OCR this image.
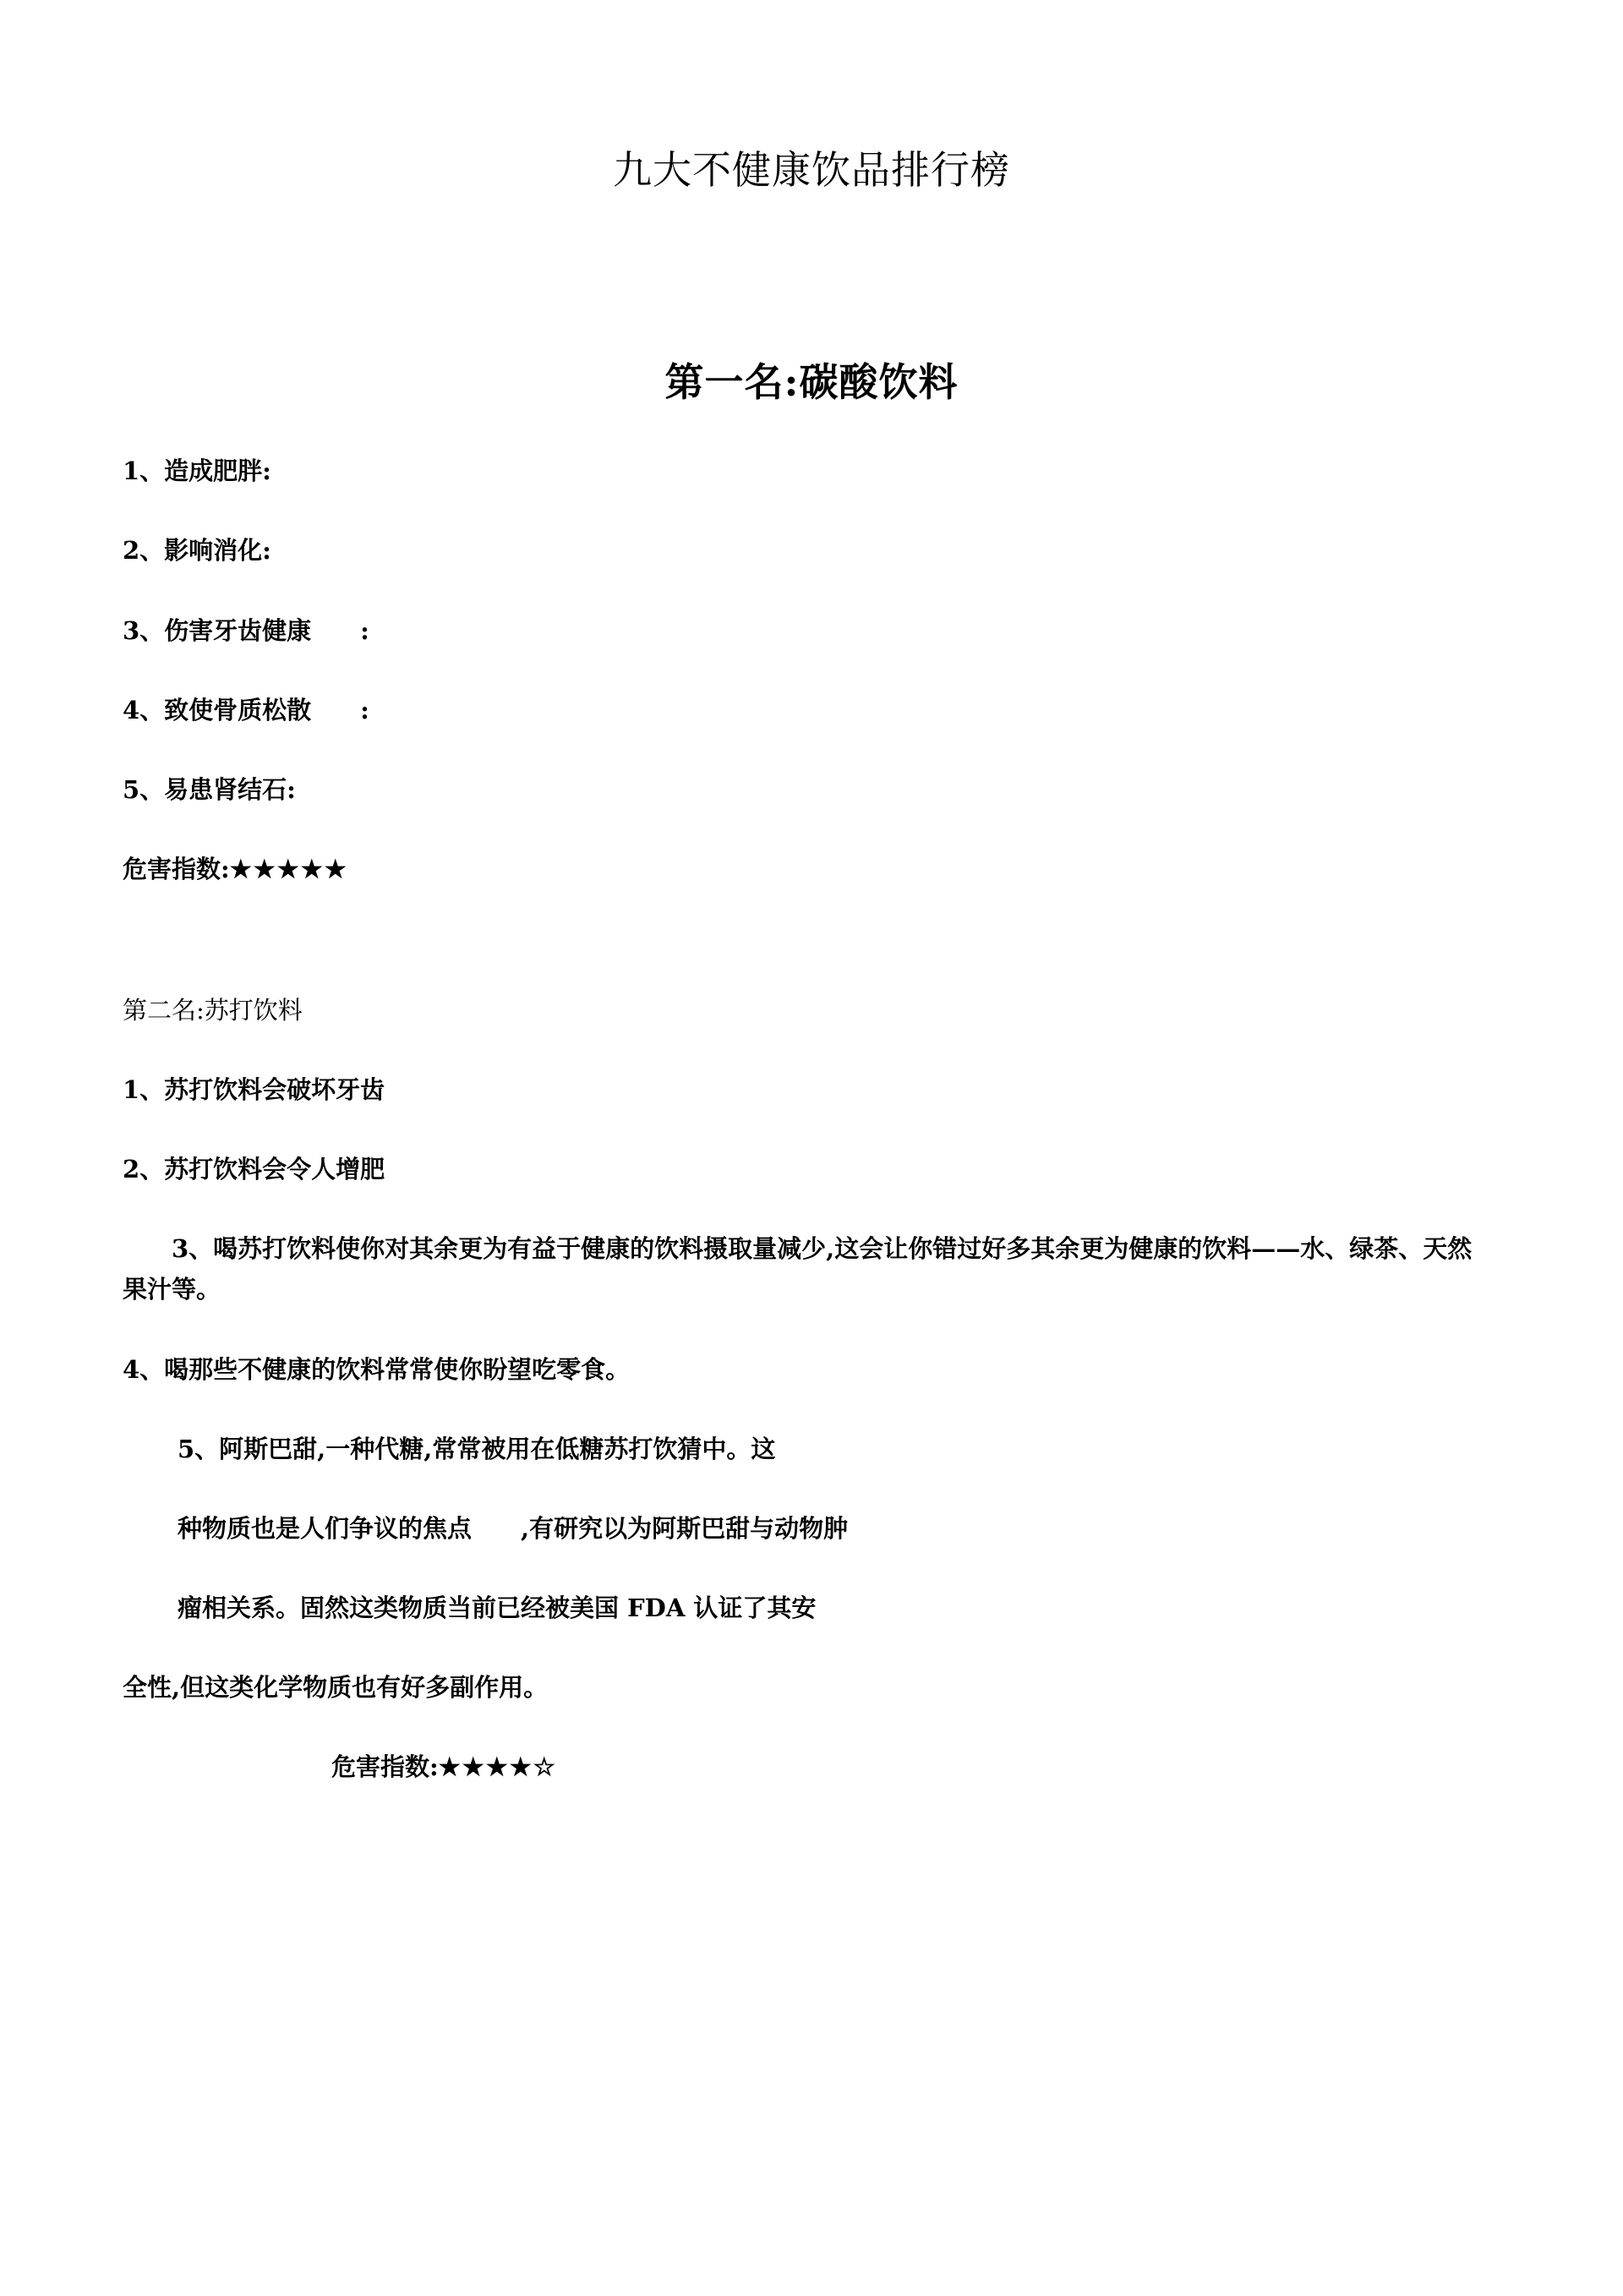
九大不健康饮品排行榜
第一名:碳酸饮料
1、造成肥胖:
2、影响消化:
3、伤害牙齿健康　　:
4、致使骨质松散　　:
5、易患肾结石:
危害指数:★★★★★
第二名:苏打饮料
1、苏打饮料会破坏牙齿
2、苏打饮料会令人增肥
　　3、喝苏打饮料使你对其余更为有益于健康的饮料摄取量减少,这会让你错过好多其余更为健康的饮料——水、绿茶、天然果汁等。
4、喝那些不健康的饮料常常使你盼望吃零食。
5、阿斯巴甜,一种代糖,常常被用在低糖苏打饮猜中。这
种物质也是人们争议的焦点　　,有研究以为阿斯巴甜与动物肿
瘤相关系。固然这类物质当前已经被美国 FDA 认证了其安
全性,但这类化学物质也有好多副作用。
危害指数:★★★★☆
